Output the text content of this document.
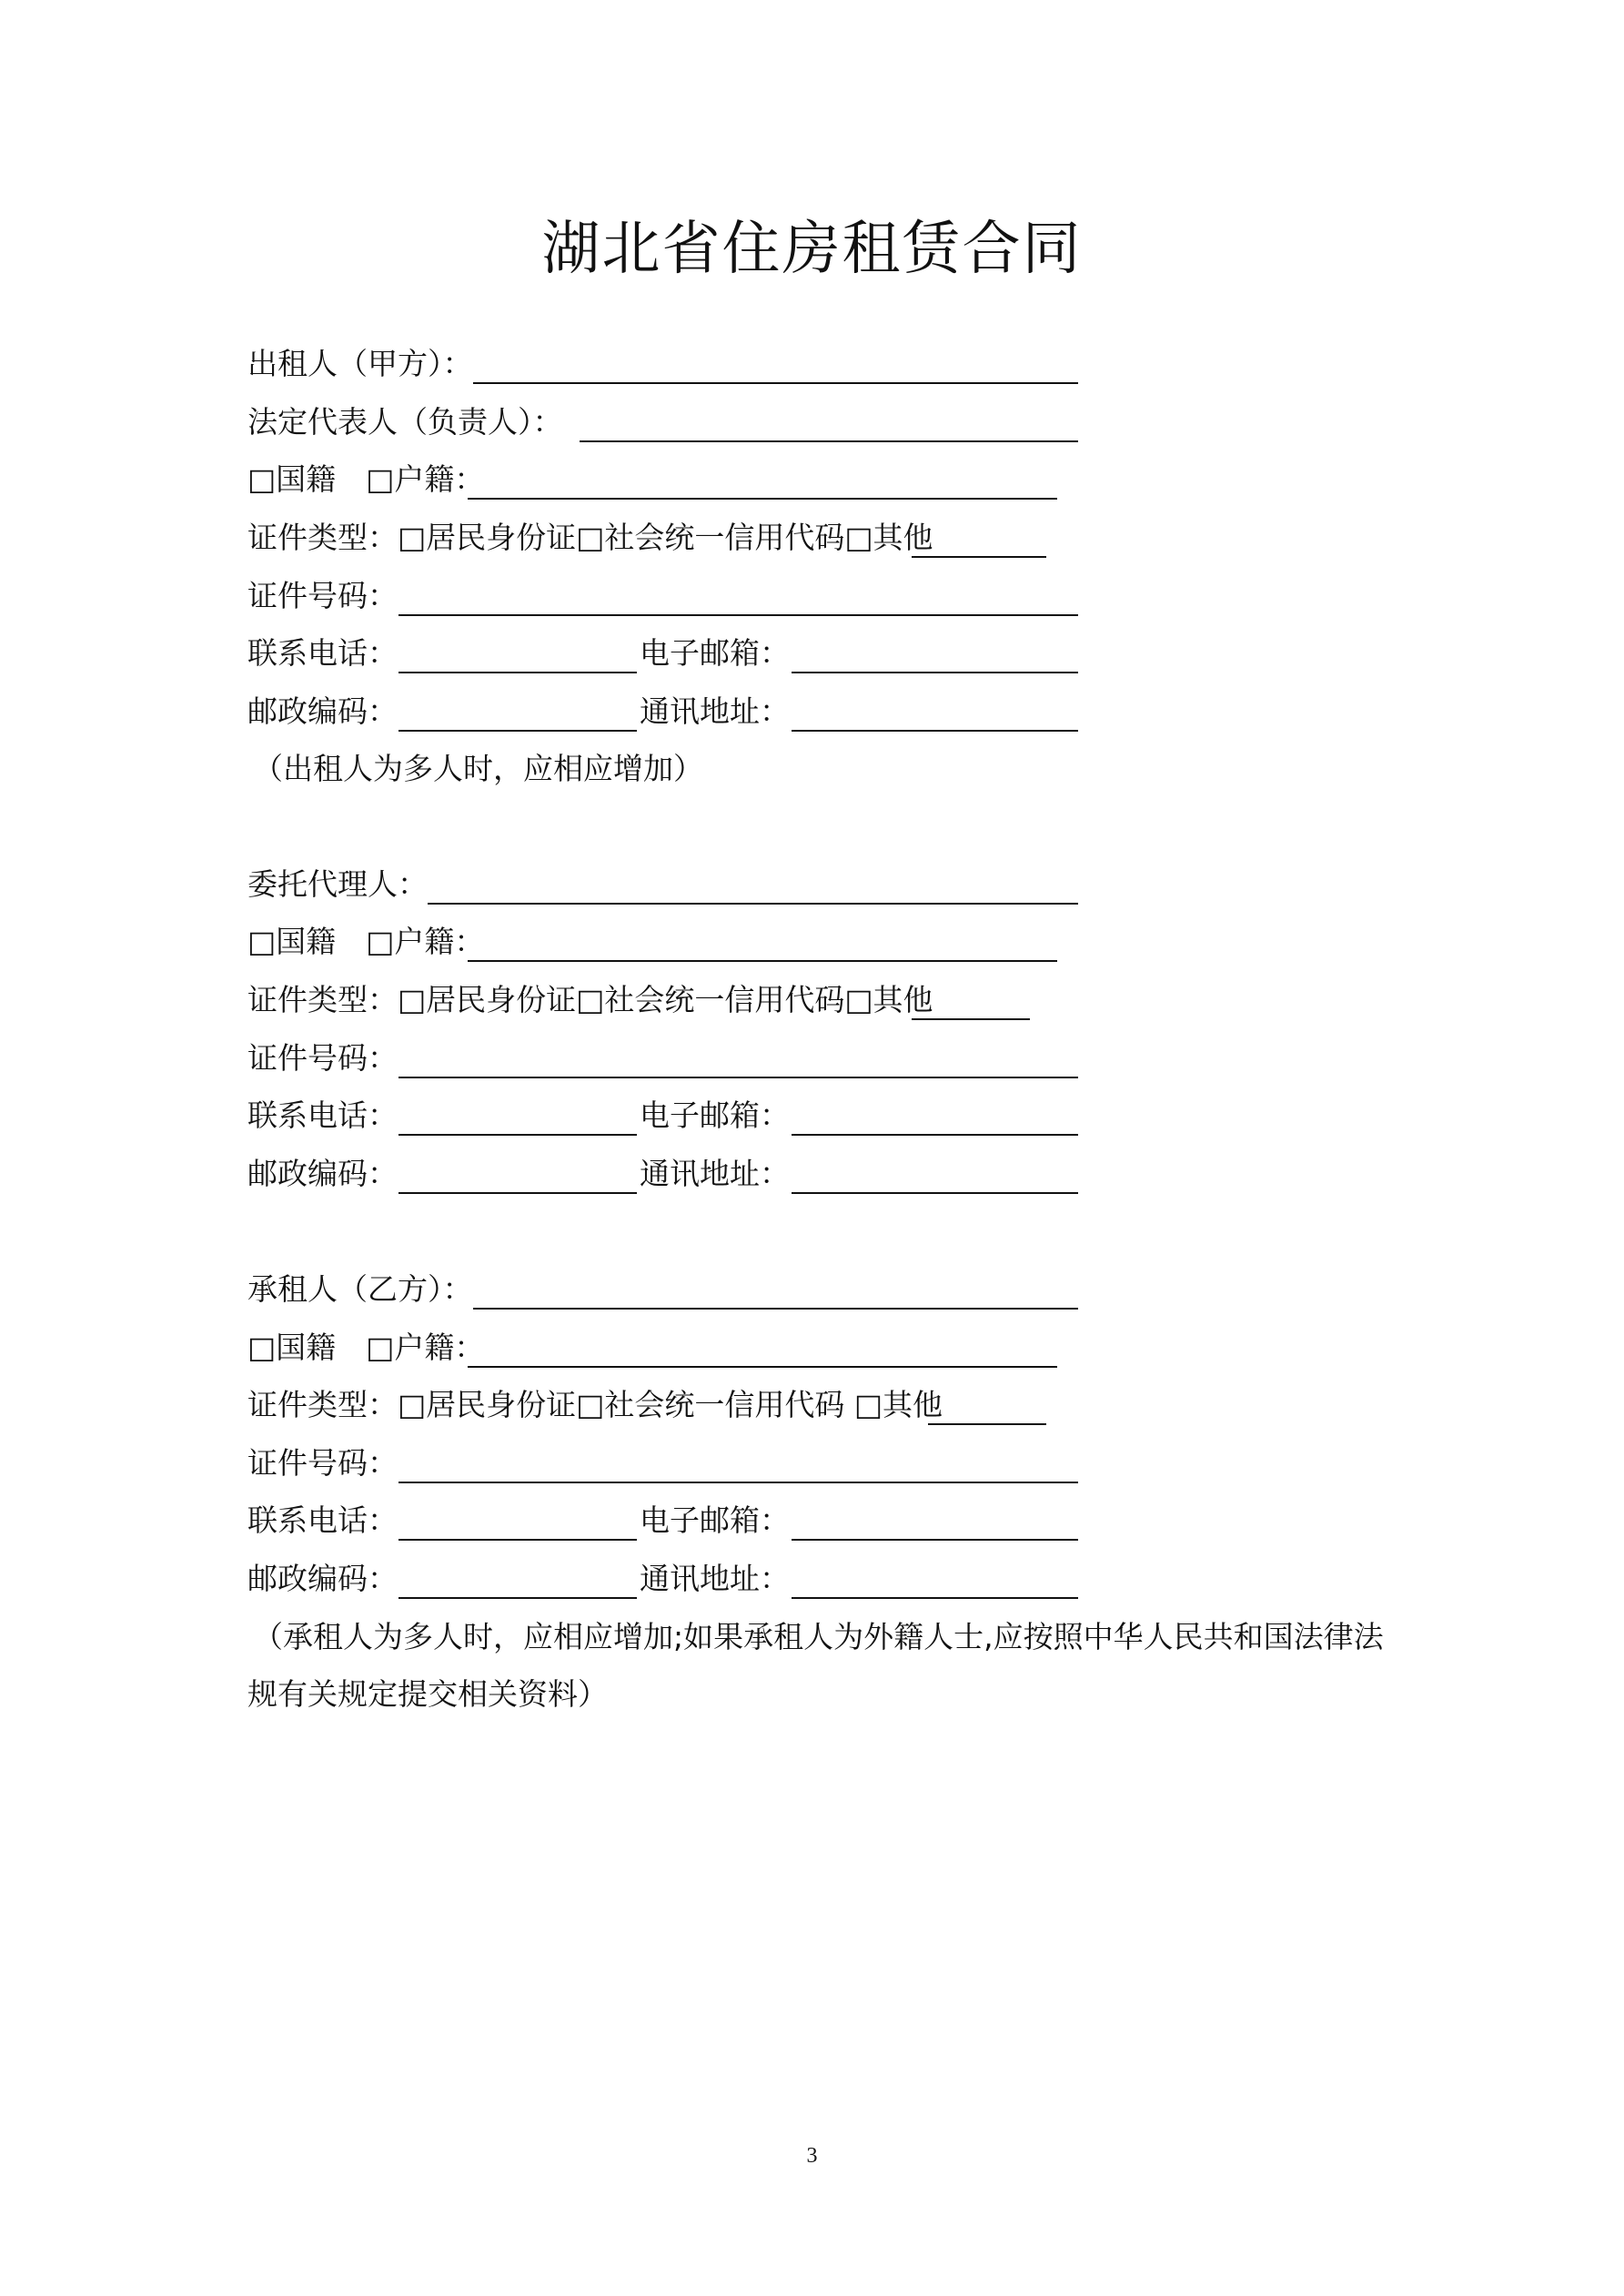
湖北省住房租赁合同
出租人（甲方）：
法定代表人（负责人）：
□国籍　□户籍：
证件类型：□居民身份证□社会统一信用代码□其他
证件号码：
联系电话：	电子邮箱：
邮政编码：	通讯地址：
（出租人为多人时，应相应增加）
委托代理人：
□国籍　□户籍：
证件类型：□居民身份证□社会统一信用代码□其他
证件号码：
联系电话：	电子邮箱：
邮政编码：	通讯地址：
承租人（乙方）：
□国籍　□户籍：
证件类型：□居民身份证□社会统一信用代码 □其他
证件号码：
联系电话：	电子邮箱：
邮政编码：	通讯地址：
（承租人为多人时，应相应增加;如果承租人为外籍人士,应按照中华人民共和国法律法
规有关规定提交相关资料）
3
